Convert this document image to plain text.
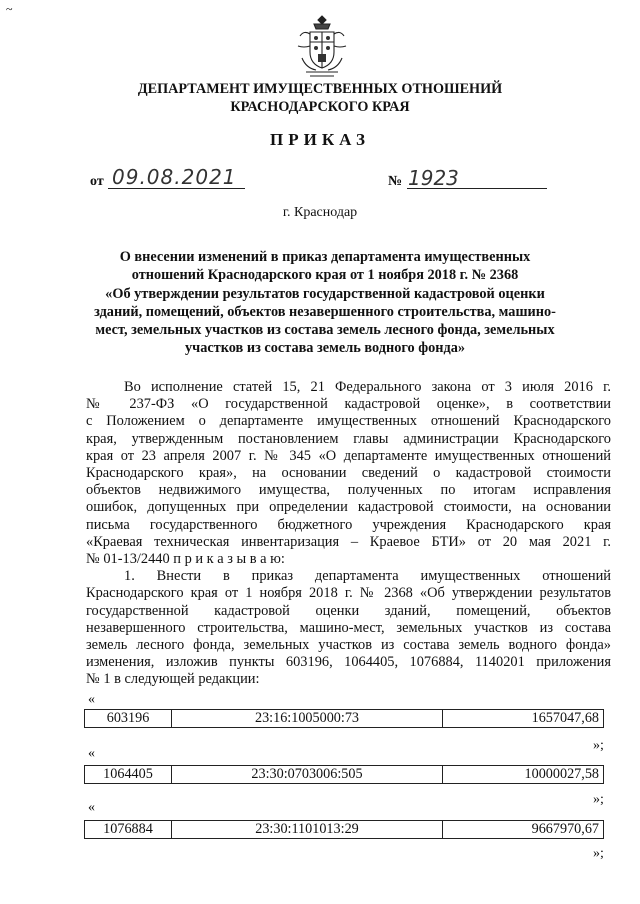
~
ДЕПАРТАМЕНТ ИМУЩЕСТВЕННЫХ ОТНОШЕНИЙ
КРАСНОДАРСКОГО КРАЯ
ПРИКАЗ
от 09.08.2021	№ 1923
г. Краснодар
О внесении изменений в приказ департамента имущественных
отношений Краснодарского края от 1 ноября 2018 г. № 2368
«Об утверждении результатов государственной кадастровой оценки
зданий, помещений, объектов незавершенного строительства, машино-
мест, земельных участков из состава земель лесного фонда, земельных
участков из состава земель водного фонда»
Во исполнение статей 15, 21 Федерального закона от 3 июля 2016 г.
№ 237-ФЗ «О государственной кадастровой оценке», в соответствии
с Положением о департаменте имущественных отношений Краснодарского
края, утвержденным постановлением главы администрации Краснодарского
края от 23 апреля 2007 г. № 345 «О департаменте имущественных отношений
Краснодарского края», на основании сведений о кадастровой стоимости
объектов недвижимого имущества, полученных по итогам исправления
ошибок, допущенных при определении кадастровой стоимости, на основании
письма государственного бюджетного учреждения Краснодарского края
«Краевая техническая инвентаризация – Краевое БТИ» от 20 мая 2021 г.
№ 01-13/2440 п р и к а з ы в а ю:
1. Внести в приказ департамента имущественных отношений
Краснодарского края от 1 ноября 2018 г. № 2368 «Об утверждении результатов
государственной кадастровой оценки зданий, помещений, объектов
незавершенного строительства, машино-мест, земельных участков из состава
земель лесного фонда, земельных участков из состава земель водного фонда»
изменения, изложив пункты 603196, 1064405, 1076884, 1140201 приложения
№ 1 в следующей редакции:
«
603196	23:16:1005000:73	1657047,68
»;
«
1064405	23:30:0703006:505	10000027,58
»;
«
1076884	23:30:1101013:29	9667970,67
»;
